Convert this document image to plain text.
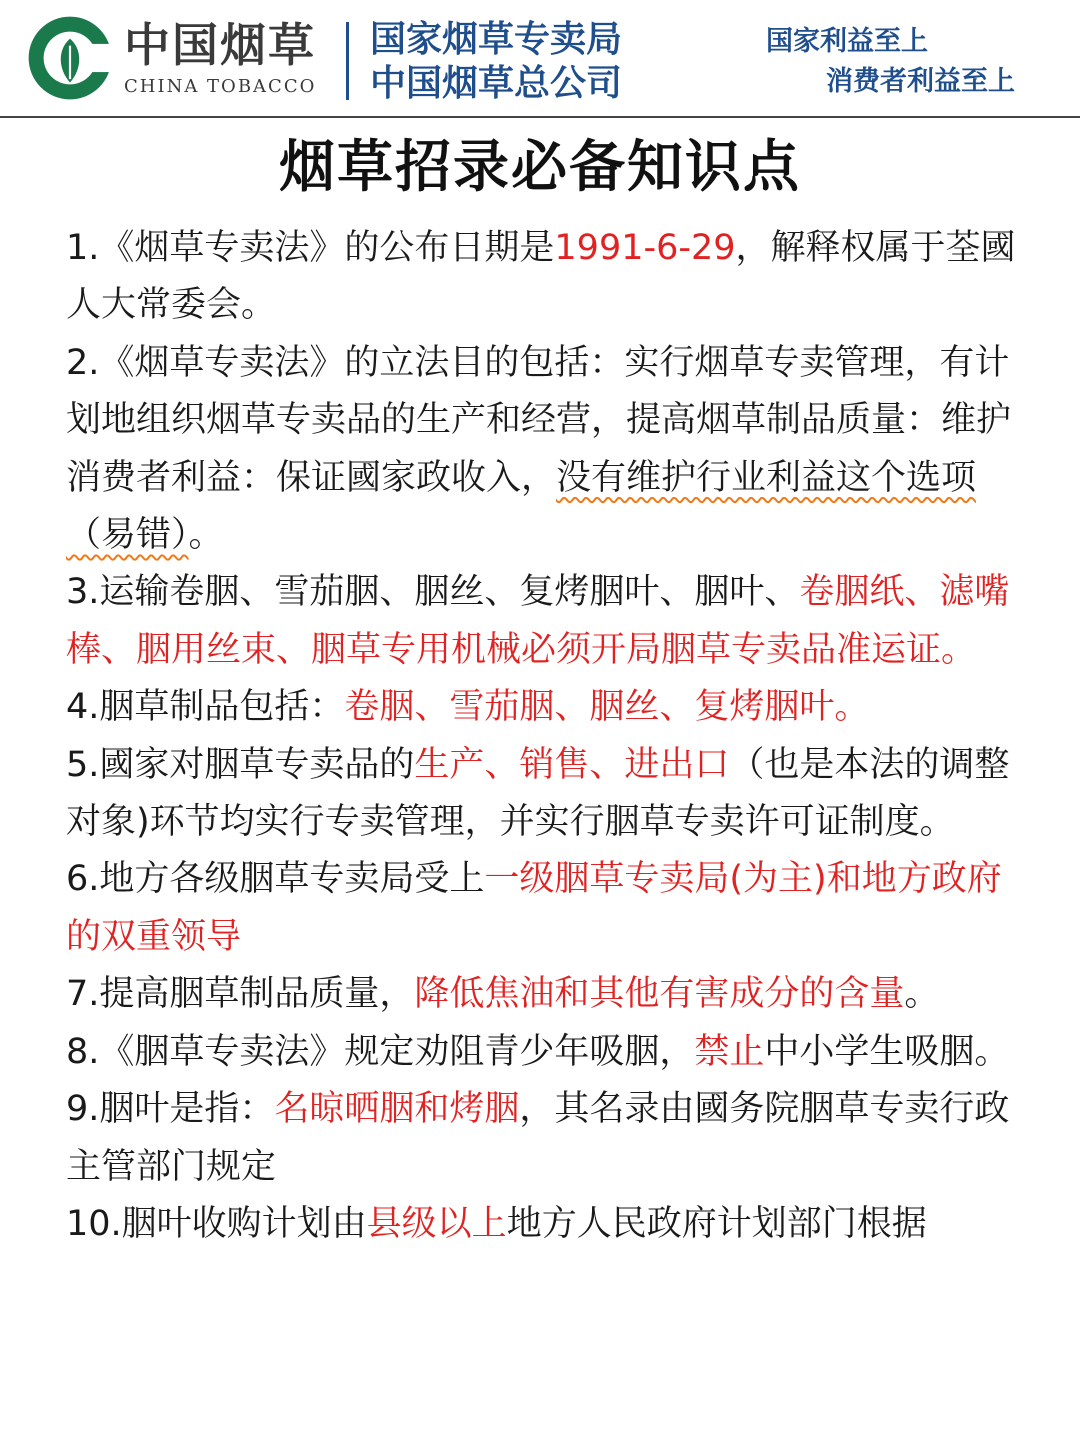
中国烟草
CHINA TOBACCO
国家烟草专卖局
中国烟草总公司
国家利益至上
消费者利益至上
烟草招录必备知识点

1.《烟草专卖法》的公布日期是1991-6-29，解释权属于荃國人大常委会。

2.《烟草专卖法》的立法目的包括：实行烟草专卖管理，有计划地组织烟草专卖品的生产和经营，提高烟草制品质量：维护消费者利益：保证國家政收入，没有维护行业利益这个选项（易错）。

3.运输卷胭、雪茄胭、胭丝、复烤胭叶、胭叶、卷胭纸、滤嘴棒、胭用丝束、胭草专用机械必须开局胭草专卖品准运证。

4.胭草制品包括：卷胭、雪茄胭、胭丝、复烤胭叶。

5.國家对胭草专卖品的生产、销售、进出口（也是本法的调整对象)环节均实行专卖管理，并实行胭草专卖许可证制度。

6.地方各级胭草专卖局受上一级胭草专卖局(为主)和地方政府的双重领导

7.提高胭草制品质量，降低焦油和其他有害成分的含量。

8.《胭草专卖法》规定劝阻青少年吸胭，禁止中小学生吸胭。

9.胭叶是指：名晾晒胭和烤胭，其名录由國务院胭草专卖行政主管部门规定

10.胭叶收购计划由县级以上地方人民政府计划部门根据
